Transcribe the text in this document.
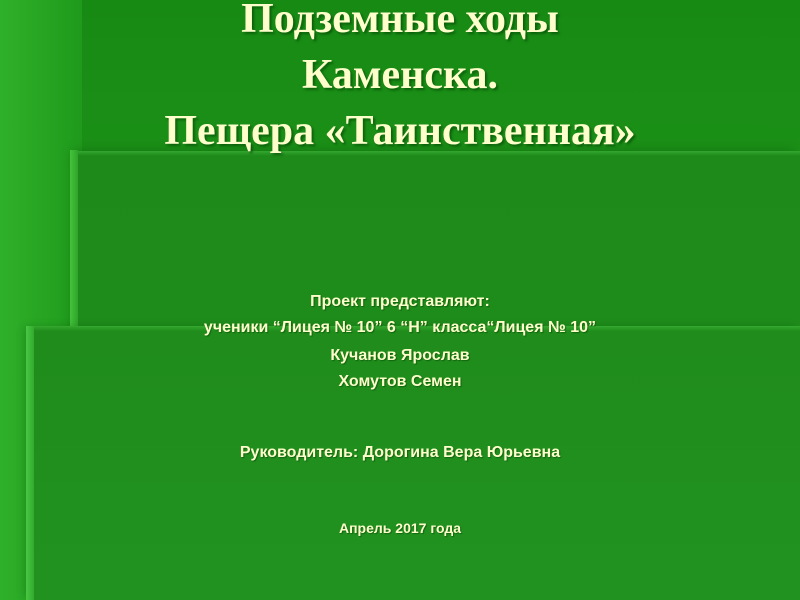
Подземные ходы
Каменска.
Пещера «Таинственная»
Проект представляют:
ученики “Лицея № 10” 6 “Н” класса“Лицея № 10”
Кучанов Ярослав
Хомутов Семен
Руководитель: Дорогина Вера Юрьевна
Апрель 2017 года
